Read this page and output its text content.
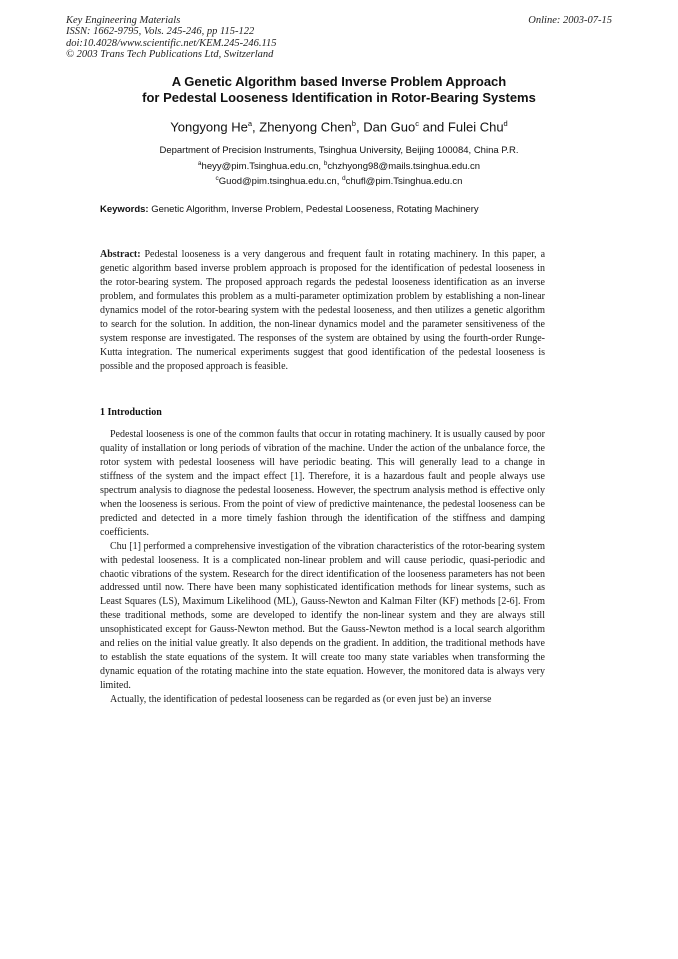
Key Engineering Materials
ISSN: 1662-9795, Vols. 245-246, pp 115-122
doi:10.4028/www.scientific.net/KEM.245-246.115
© 2003 Trans Tech Publications Ltd, Switzerland
Online: 2003-07-15
A Genetic Algorithm based Inverse Problem Approach
for Pedestal Looseness Identification in Rotor-Bearing Systems
Yongyong He$^a$, Zhenyong Chen$^b$, Dan Guo$^c$ and Fulei Chu$^d$
Department of Precision Instruments, Tsinghua University, Beijing 100084, China P.R.
$^a$heyy@pim.Tsinghua.edu.cn, $^b$chzhyong98@mails.tsinghua.edu.cn
$^c$Guod@pim.tsinghua.edu.cn, $^d$chufl@pim.Tsinghua.edu.cn
Keywords: Genetic Algorithm, Inverse Problem, Pedestal Looseness, Rotating Machinery

Abstract: Pedestal looseness is a very dangerous and frequent fault in rotating machinery. In this paper, a genetic algorithm based inverse problem approach is proposed for the identification of pedestal looseness in the rotor-bearing system. The proposed approach regards the pedestal looseness identification as an inverse problem, and formulates this problem as a multi-parameter optimization problem by establishing a non-linear dynamics model of the rotor-bearing system with the pedestal looseness, and then utilizes a genetic algorithm to search for the solution. In addition, the non-linear dynamics model and the parameter sensitiveness of the system response are investigated. The responses of the system are obtained by using the fourth-order Runge-Kutta integration. The numerical experiments suggest that good identification of the pedestal looseness is possible and the proposed approach is feasible.

1 Introduction

Pedestal looseness is one of the common faults that occur in rotating machinery. It is usually caused by poor quality of installation or long periods of vibration of the machine. Under the action of the unbalance force, the rotor system with pedestal looseness will have periodic beating. This will generally lead to a change in stiffness of the system and the impact effect [1]. Therefore, it is a hazardous fault and people always use spectrum analysis to diagnose the pedestal looseness. However, the spectrum analysis method is effective only when the looseness is serious. From the point of view of predictive maintenance, the pedestal looseness can be predicted and detected in a more timely fashion through the identification of the stiffness and damping coefficients.

Chu [1] performed a comprehensive investigation of the vibration characteristics of the rotor-bearing system with pedestal looseness. It is a complicated non-linear problem and will cause periodic, quasi-periodic and chaotic vibrations of the system. Research for the direct identification of the looseness parameters has not been addressed until now. There have been many sophisticated identification methods for linear systems, such as Least Squares (LS), Maximum Likelihood (ML), Gauss-Newton and Kalman Filter (KF) methods [2-6]. From these traditional methods, some are developed to identify the non-linear system and they are always still unsophisticated except for Gauss-Newton method. But the Gauss-Newton method is a local search algorithm and relies on the initial value greatly. It also depends on the gradient. In addition, the traditional methods have to establish the state equations of the system. It will create too many state variables when transforming the dynamic equation of the rotating machine into the state equation. However, the monitored data is always very limited.

Actually, the identification of pedestal looseness can be regarded as (or even just be) an inverse
